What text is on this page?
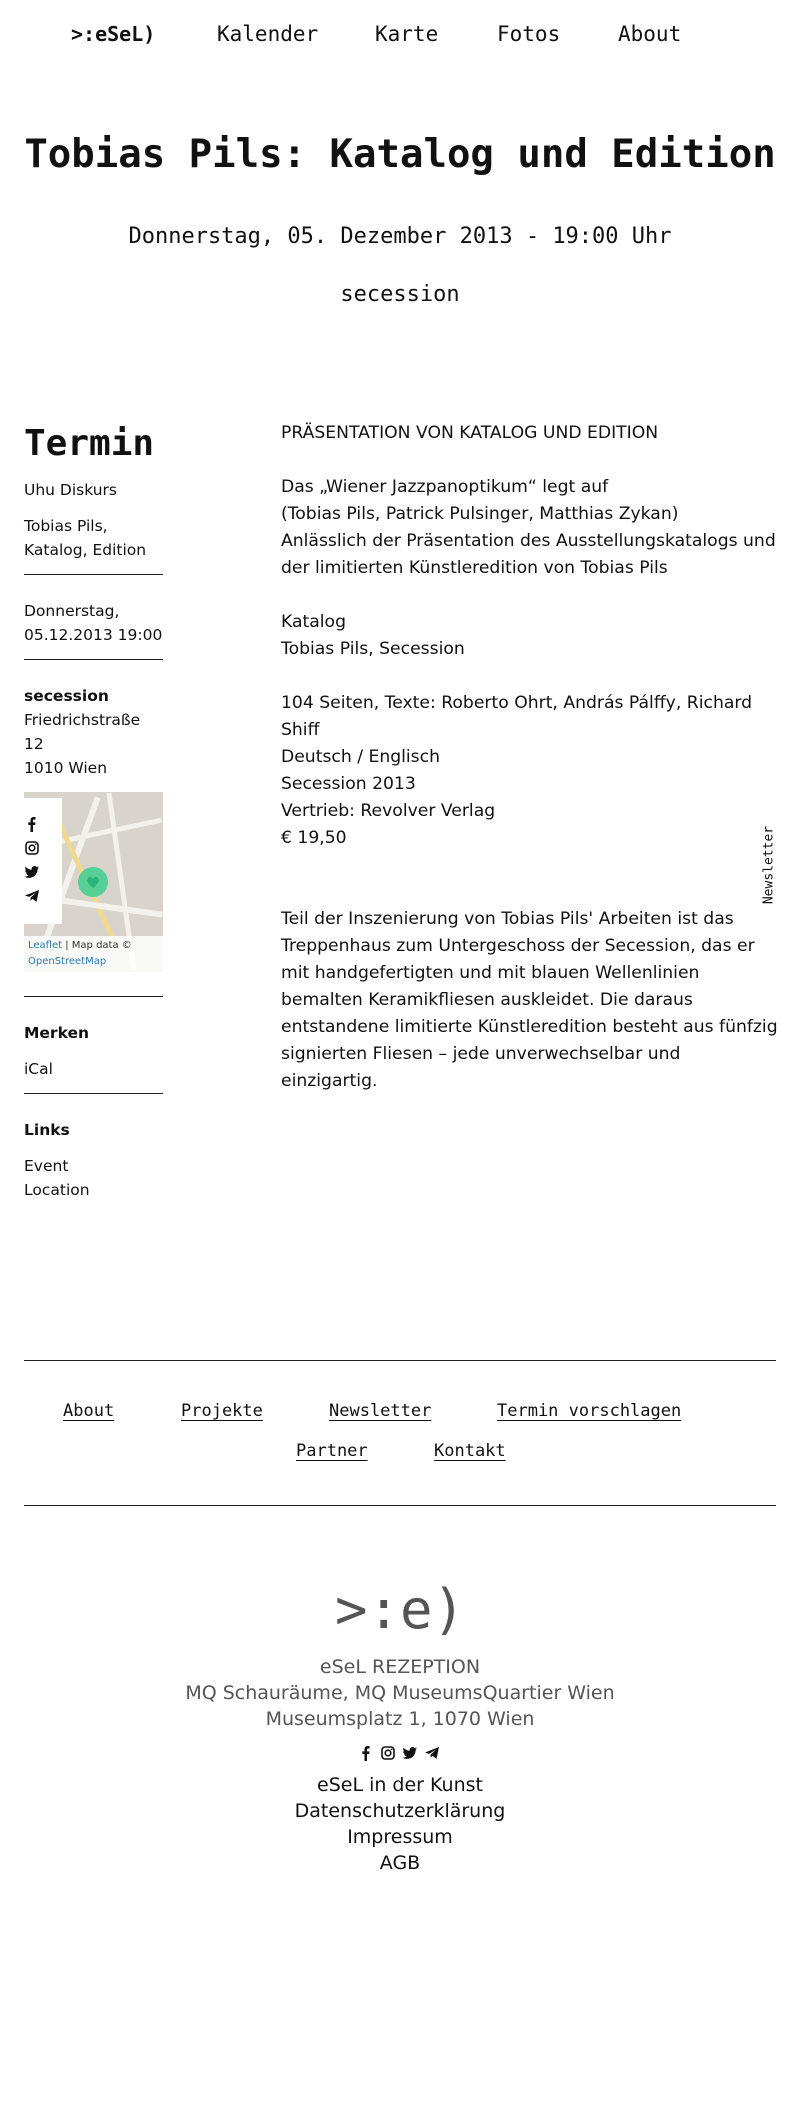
>:eSeL)	Kalender	Karte	Fotos	About
Tobias Pils: Katalog und Edition
Donnerstag, 05. Dezember 2013 - 19:00 Uhr
secession
Termin

Uhu Diskurs

Tobias Pils,
Katalog, Edition

Donnerstag,
05.12.2013 19:00

secession
Friedrichstraße 12
1010 Wien
Leaflet | Map data ©
OpenStreetMap

Merken

iCal

Links

Event
Location

PRÄSENTATION VON KATALOG UND EDITION

Das „Wiener Jazzpanoptikum“ legt auf
(Tobias Pils, Patrick Pulsinger, Matthias Zykan)
Anlässlich der Präsentation des Ausstellungskatalogs und der limitierten Künstleredition von Tobias Pils

Katalog
Tobias Pils, Secession

104 Seiten, Texte: Roberto Ohrt, András Pálffy, Richard Shiff
Deutsch / Englisch
Secession 2013
Vertrieb: Revolver Verlag
€ 19,50

Teil der Inszenierung von Tobias Pils' Arbeiten ist das Treppenhaus zum Untergeschoss der Secession, das er mit handgefertigten und mit blauen Wellenlinien bemalten Keramikfliesen auskleidet. Die daraus entstandene limitierte Künstleredition besteht aus fünfzig signierten Fliesen – jede unverwechselbar und einzigartig.

Newsletter
About	Projekte	Newsletter	Termin vorschlagen
Partner	Kontakt
>:e)
eSeL REZEPTION
MQ Schauräume, MQ MuseumsQuartier Wien
Museumsplatz 1, 1070 Wien
eSeL in der Kunst
Datenschutzerklärung
Impressum
AGB
